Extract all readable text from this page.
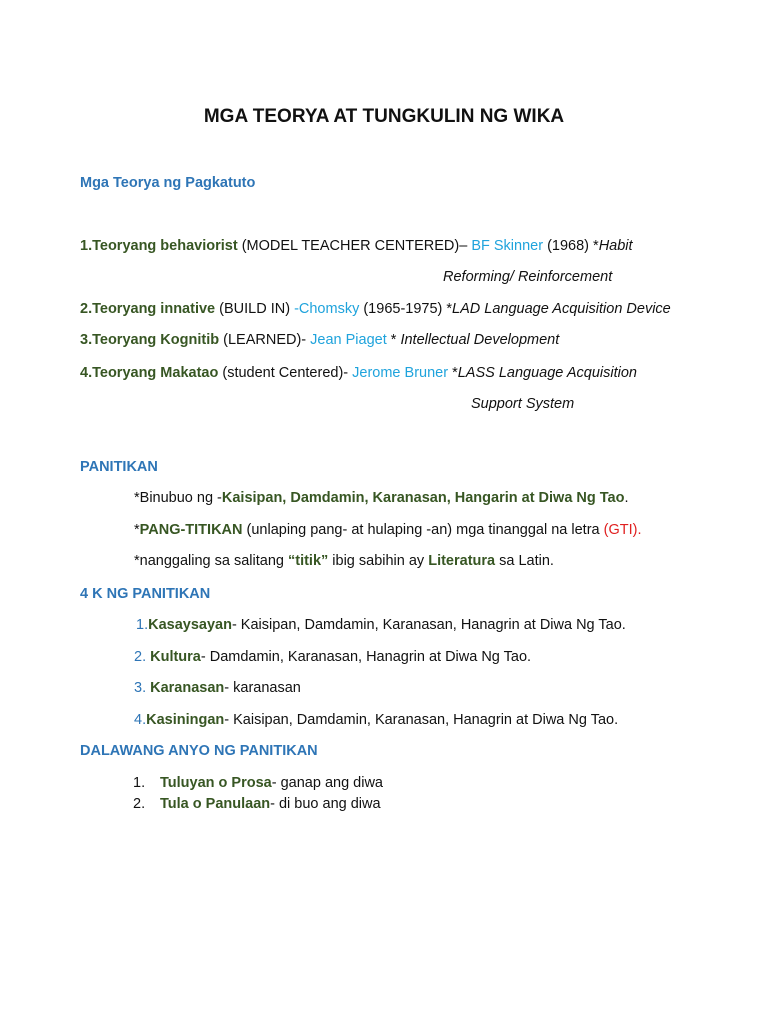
MGA TEORYA AT TUNGKULIN NG WIKA
Mga Teorya ng Pagkatuto
1.Teoryang behaviorist (MODEL TEACHER CENTERED)– BF Skinner (1968) *Habit
Reforming/ Reinforcement
2.Teoryang innative (BUILD IN) -Chomsky (1965-1975) *LAD Language Acquisition Device
3.Teoryang Kognitib (LEARNED)- Jean Piaget * Intellectual Development
4.Teoryang Makatao (student Centered)- Jerome Bruner *LASS Language Acquisition
Support System
PANITIKAN
*Binubuo ng -Kaisipan, Damdamin, Karanasan, Hangarin at Diwa Ng Tao.
*PANG-TITIKAN (unlaping pang- at hulaping -an) mga tinanggal na letra (GTI).
*nanggaling sa salitang “titik” ibig sabihin ay Literatura sa Latin.
4 K NG PANITIKAN
1.Kasaysayan- Kaisipan, Damdamin, Karanasan, Hanagrin at Diwa Ng Tao.
2. Kultura- Damdamin, Karanasan, Hanagrin at Diwa Ng Tao.
3. Karanasan- karanasan
4.Kasiningan- Kaisipan, Damdamin, Karanasan, Hanagrin at Diwa Ng Tao.
DALAWANG ANYO NG PANITIKAN
1. Tuluyan o Prosa- ganap ang diwa
2. Tula o Panulaan- di buo ang diwa
